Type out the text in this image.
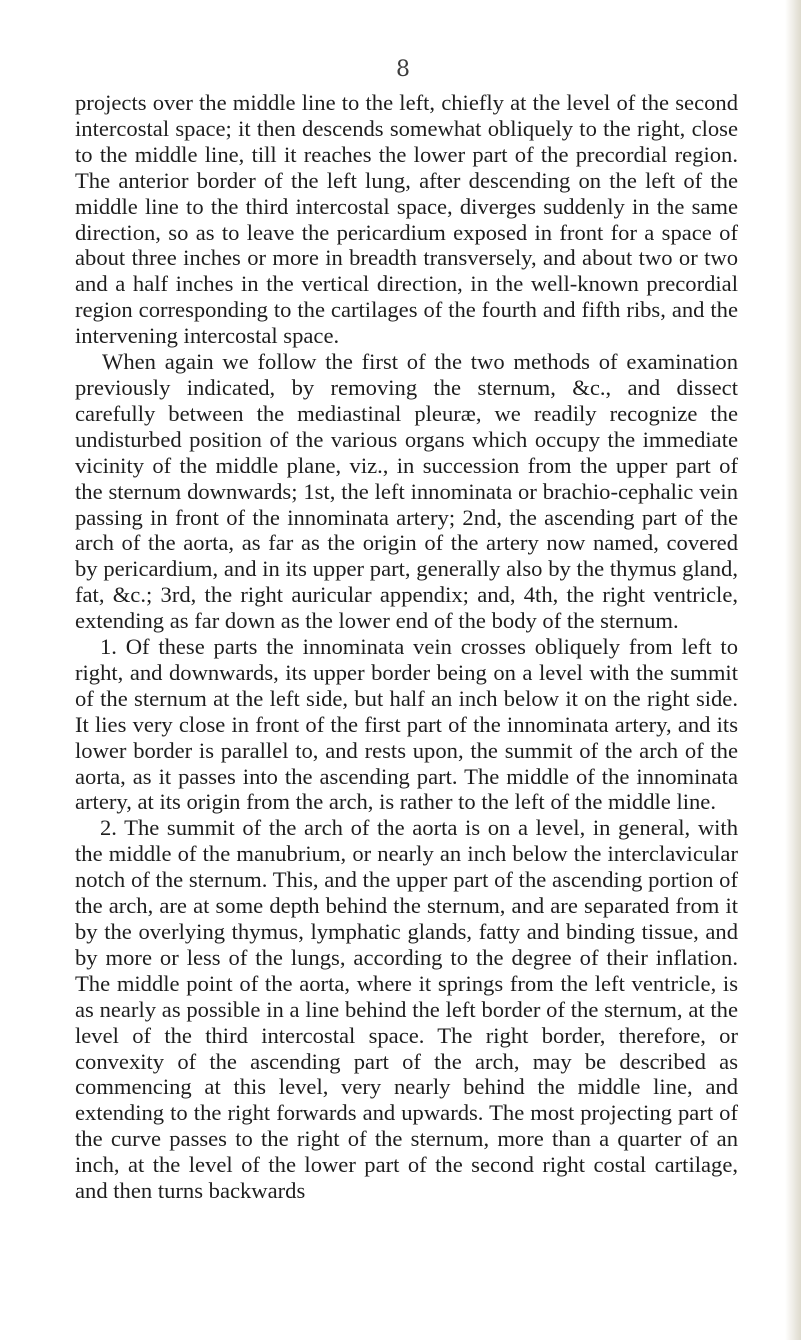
8

projects over the middle line to the left, chiefly at the level of the second intercostal space; it then descends somewhat obliquely to the right, close to the middle line, till it reaches the lower part of the precordial region. The anterior border of the left lung, after descending on the left of the middle line to the third intercostal space, diverges suddenly in the same direction, so as to leave the pericardium exposed in front for a space of about three inches or more in breadth transversely, and about two or two and a half inches in the vertical direction, in the well-known precordial region corresponding to the cartilages of the fourth and fifth ribs, and the intervening intercostal space.

When again we follow the first of the two methods of examination previously indicated, by removing the sternum, &c., and dissect carefully between the mediastinal pleuræ, we readily recognize the undisturbed position of the various organs which occupy the immediate vicinity of the middle plane, viz., in succession from the upper part of the sternum downwards; 1st, the left innominata or brachio-cephalic vein passing in front of the innominata artery; 2nd, the ascending part of the arch of the aorta, as far as the origin of the artery now named, covered by pericardium, and in its upper part, generally also by the thymus gland, fat, &c.; 3rd, the right auricular appendix; and, 4th, the right ventricle, extending as far down as the lower end of the body of the sternum.

1. Of these parts the innominata vein crosses obliquely from left to right, and downwards, its upper border being on a level with the summit of the sternum at the left side, but half an inch below it on the right side. It lies very close in front of the first part of the innominata artery, and its lower border is parallel to, and rests upon, the summit of the arch of the aorta, as it passes into the ascending part. The middle of the innominata artery, at its origin from the arch, is rather to the left of the middle line.

2. The summit of the arch of the aorta is on a level, in general, with the middle of the manubrium, or nearly an inch below the interclavicular notch of the sternum. This, and the upper part of the ascending portion of the arch, are at some depth behind the sternum, and are separated from it by the overlying thymus, lymphatic glands, fatty and binding tissue, and by more or less of the lungs, according to the degree of their inflation. The middle point of the aorta, where it springs from the left ventricle, is as nearly as possible in a line behind the left border of the sternum, at the level of the third intercostal space. The right border, therefore, or convexity of the ascending part of the arch, may be described as commencing at this level, very nearly behind the middle line, and extending to the right forwards and upwards. The most projecting part of the curve passes to the right of the sternum, more than a quarter of an inch, at the level of the lower part of the second right costal cartilage, and then turns backwards
